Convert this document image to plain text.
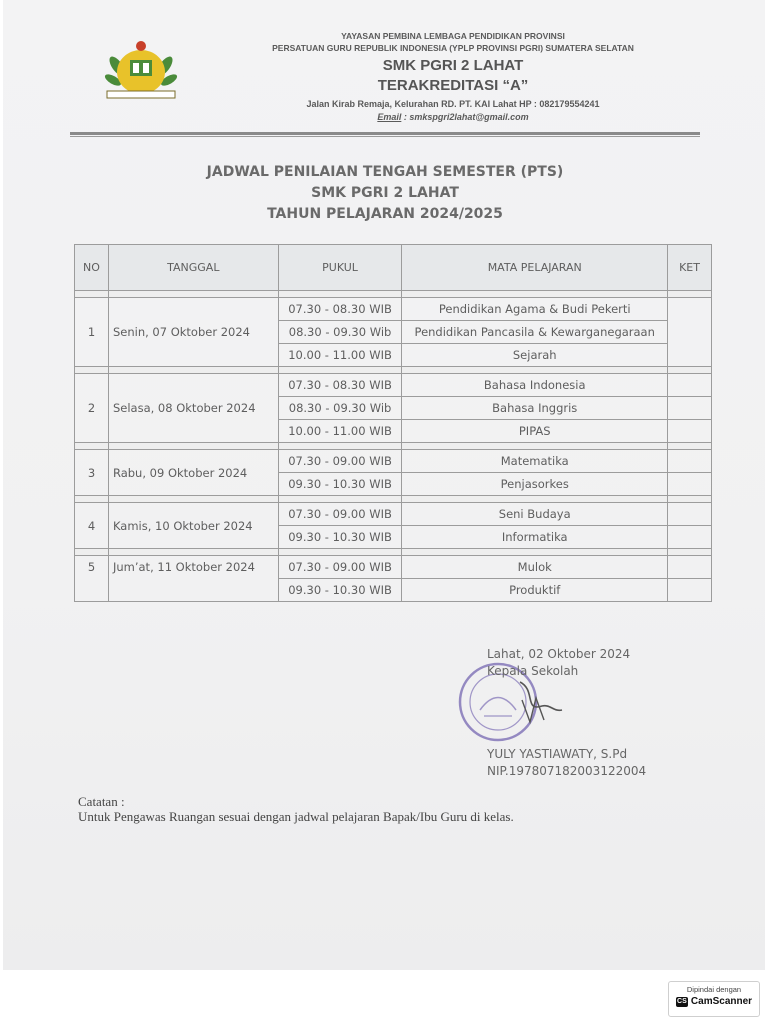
YAYASAN PEMBINA LEMBAGA PENDIDIKAN PROVINSI
PERSATUAN GURU REPUBLIK INDONESIA (YPLP PROVINSI PGRI) SUMATERA SELATAN
SMK PGRI 2 LAHAT
TERAKREDITASI “A”
Jalan Kirab Remaja, Kelurahan RD. PT. KAI Lahat HP : 082179554241
Email : smkspgri2lahat@gmail.com
JADWAL PENILAIAN TENGAH SEMESTER (PTS)
SMK PGRI 2 LAHAT
TAHUN PELAJARAN 2024/2025
NO	TANGGAL	PUKUL	MATA PELAJARAN	KET

1	Senin, 07 Oktober 2024	07.30 - 08.30 WIB	Pendidikan Agama & Budi Pekerti	
		08.30 - 09.30 Wib	Pendidikan Pancasila & Kewarganegaraan	
		10.00 - 11.00 WIB	Sejarah	

2	Selasa, 08 Oktober 2024	07.30 - 08.30 WIB	Bahasa Indonesia	
		08.30 - 09.30 Wib	Bahasa Inggris	
		10.00 - 11.00 WIB	PIPAS	

3	Rabu, 09 Oktober 2024	07.30 - 09.00 WIB	Matematika	
		09.30 - 10.30 WIB	Penjasorkes	

4	Kamis, 10 Oktober 2024	07.30 - 09.00 WIB	Seni Budaya	
		09.30 - 10.30 WIB	Informatika	

5	Jum’at, 11 Oktober 2024	07.30 - 09.00 WIB	Mulok	
		09.30 - 10.30 WIB	Produktif	
Lahat, 02 Oktober 2024
Kepala Sekolah
YULY YASTIAWATY, S.Pd
NIP.197807182003122004
Catatan :
Untuk Pengawas Ruangan sesuai dengan jadwal pelajaran Bapak/Ibu Guru di kelas.
Dipindai dengan
CS CamScanner
